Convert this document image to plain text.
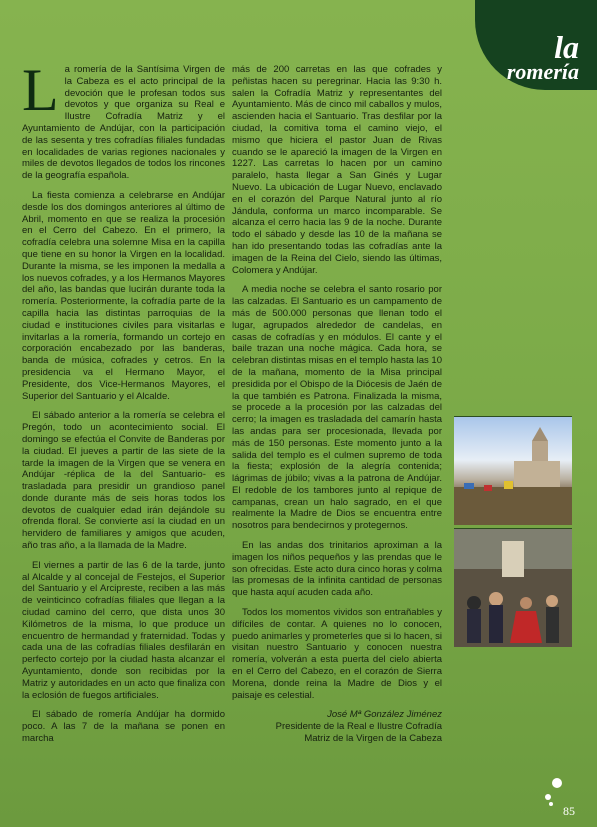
la
romería

La romería de la Santísima Virgen de la Cabeza es el acto principal de la devoción que le profesan todos sus devotos y que organiza su Real e Ilustre Cofradía Matriz y el Ayuntamiento de Andújar, con la participación de las sesenta y tres cofradías filiales fundadas en localidades de varias regiones nacionales y miles de devotos llegados de todos los rincones de la geografía española.

La fiesta comienza a celebrarse en Andújar desde los dos domingos anteriores al último de Abril, momento en que se realiza la procesión en el Cerro del Cabezo. En el primero, la cofradía celebra una solemne Misa en la capilla que tiene en su honor la Virgen en la localidad. Durante la misma, se les imponen la medalla a los nuevos cofrades, y a los Hermanos Mayores del año, las bandas que lucirán durante toda la romería. Posteriormente, la cofradía parte de la capilla hacia las distintas parroquias de la ciudad e instituciones civiles para visitarlas e invitarlas a la romería, formando un cortejo en corporación encabezado por las banderas, banda de música, cofrades y cetros. En la presidencia va el Hermano Mayor, el Presidente, dos Vice-Hermanos Mayores, el Superior del Santuario y el Alcalde.

El sábado anterior a la romería se celebra el Pregón, todo un acontecimiento social. El domingo se efectúa el Convite de Banderas por la ciudad. El jueves a partir de las siete de la tarde la imagen de la Virgen que se venera en Andújar -réplica de la del Santuario- es trasladada para presidir un grandioso panel donde durante más de seis horas todos los devotos de cualquier edad irán dejándole su ofrenda floral. Se convierte así la ciudad en un hervidero de familiares y amigos que acuden, año tras año, a la llamada de la Madre.

El viernes a partir de las 6 de la tarde, junto al Alcalde y al concejal de Festejos, el Superior del Santuario y el Arcipreste, reciben a las más de veinticinco cofradías filiales que llegan a la ciudad camino del cerro, que dista unos 30 Kilómetros de la misma, lo que produce un encuentro de hermandad y fraternidad. Todas y cada una de las cofradías filiales desfilarán en perfecto cortejo por la ciudad hasta alcanzar el Ayuntamiento, donde son recibidas por la Matriz y autoridades en un acto que finaliza con la eclosión de fuegos artificiales.

El sábado de romería Andújar ha dormido poco. A las 7 de la mañana se ponen en marcha

más de 200 carretas en las que cofrades y peñistas hacen su peregrinar. Hacia las 9:30 h. salen la Cofradía Matriz y representantes del Ayuntamiento. Más de cinco mil caballos y mulos, ascienden hacia el Santuario. Tras desfilar por la ciudad, la comitiva toma el camino viejo, el mismo que hiciera el pastor Juan de Rivas cuando se le apareció la imagen de la Virgen en 1227. Las carretas lo hacen por un camino paralelo, hasta llegar a San Ginés y Lugar Nuevo. La ubicación de Lugar Nuevo, enclavado en el corazón del Parque Natural junto al río Jándula, conforma un marco incomparable. Se alcanza el cerro hacia las 9 de la noche. Durante todo el sábado y desde las 10 de la mañana se han ido presentando todas las cofradías ante la imagen de la Reina del Cielo, siendo las últimas, Colomera y Andújar.

A media noche se celebra el santo rosario por las calzadas. El Santuario es un campamento de más de 500.000 personas que llenan todo el lugar, agrupados alrededor de candelas, en casas de cofradías y en módulos. El cante y el baile trazan una noche mágica. Cada hora, se celebran distintas misas en el templo hasta las 10 de la mañana, momento de la Misa principal presidida por el Obispo de la Diócesis de Jaén de la que también es Patrona. Finalizada la misma, se procede a la procesión por las calzadas del cerro; la imagen es trasladada del camarín hasta las andas para ser procesionada, llevada por más de 150 personas. Este momento junto a la salida del templo es el culmen supremo de toda la fiesta; explosión de la alegría contenida; lágrimas de júbilo; vivas a la patrona de Andújar. El redoble de los tambores junto al repique de campanas, crean un halo sagrado, en el que realmente la Madre de Dios se encuentra entre nosotros para bendecirnos y protegernos.

En las andas dos trinitarios aproximan a la imagen los niños pequeños y las prendas que le son ofrecidas. Este acto dura cinco horas y colma las promesas de la infinita cantidad de personas que hasta aquí acuden cada año.

Todos los momentos vividos son entrañables y difíciles de contar. A quienes no lo conocen, puedo animarles y prometerles que si lo hacen, si visitan nuestro Santuario y conocen nuestra romería, volverán a esta puerta del cielo abierta en el Cerro del Cabezo, en el corazón de Sierra Morena, donde reina la Madre de Dios y el paisaje es celestial.

José Mª González Jiménez
Presidente de la Real e Ilustre Cofradía
Matriz de la Virgen de la Cabeza
85
